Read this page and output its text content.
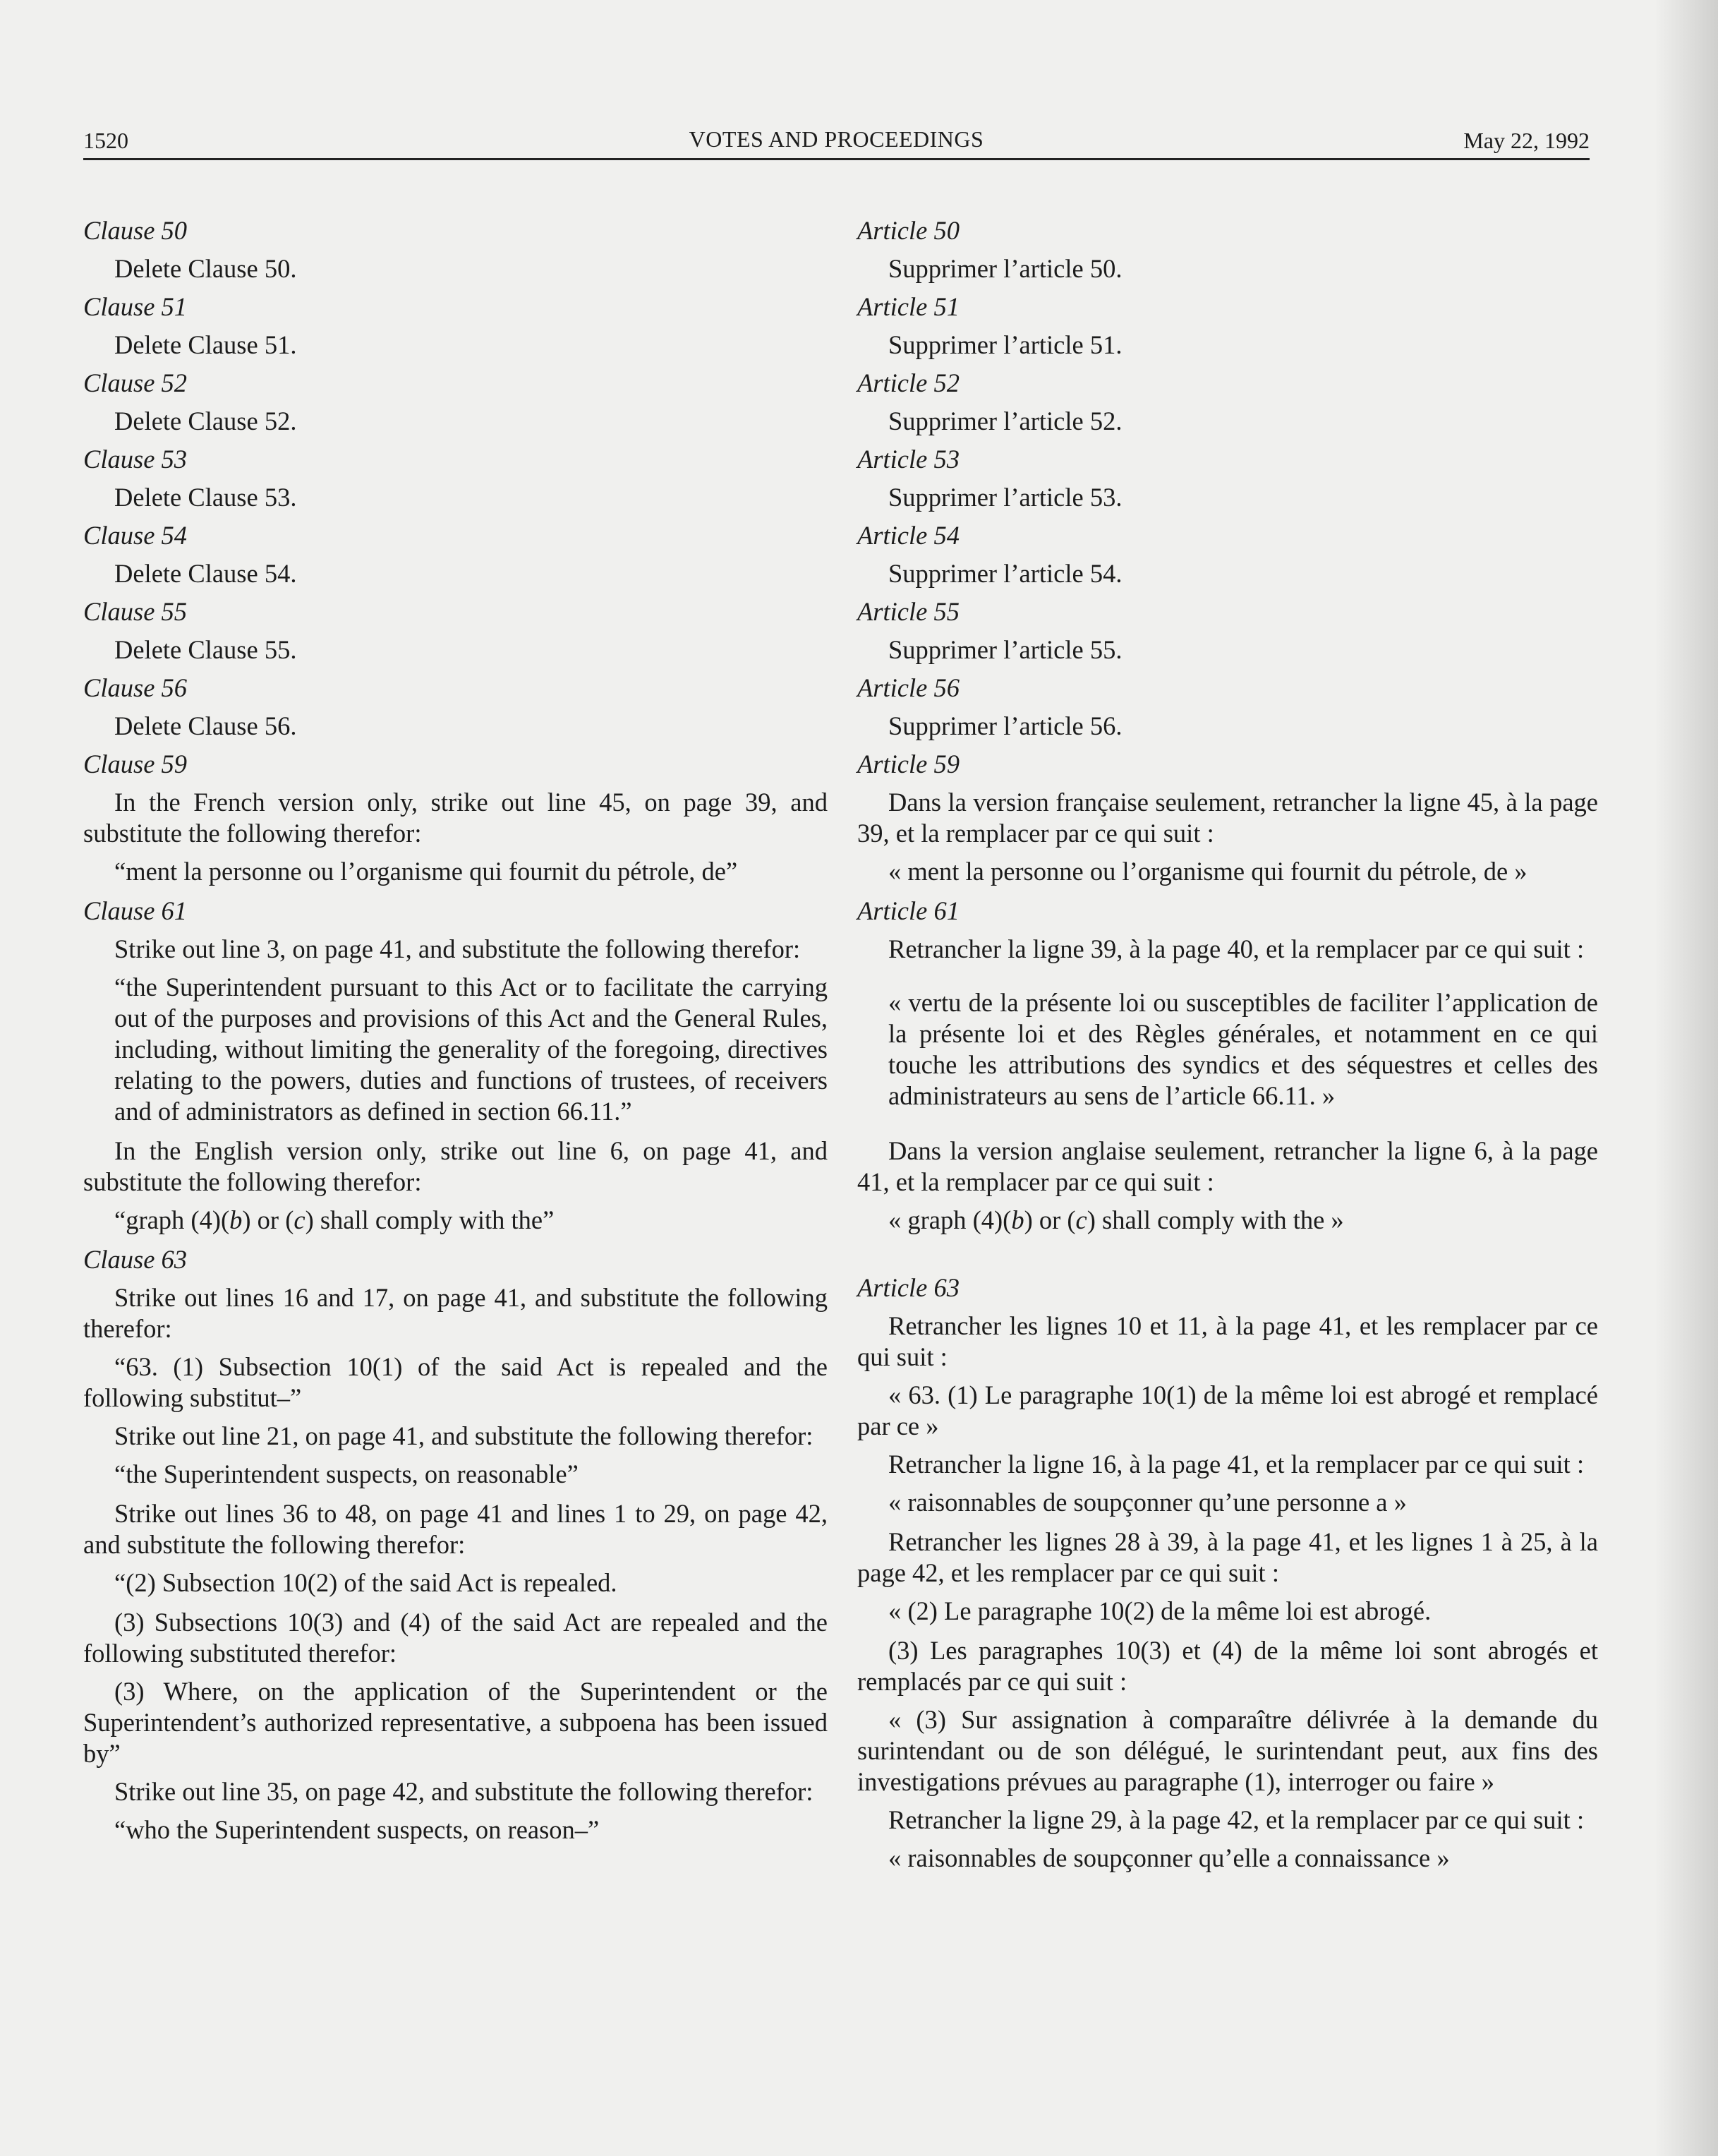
1520	VOTES AND PROCEEDINGS	May 22, 1992
Clause 50
Delete Clause 50.
Clause 51
Delete Clause 51.
Clause 52
Delete Clause 52.
Clause 53
Delete Clause 53.
Clause 54
Delete Clause 54.
Clause 55
Delete Clause 55.
Clause 56
Delete Clause 56.
Clause 59
In the French version only, strike out line 45, on page 39, and substitute the following therefor:
“ment la personne ou l’organisme qui fournit du pétrole, de”
Clause 61
Strike out line 3, on page 41, and substitute the following therefor:
“the Superintendent pursuant to this Act or to facilitate the carrying out of the purposes and provisions of this Act and the General Rules, including, without limiting the generality of the foregoing, directives relating to the powers, duties and functions of trustees, of receivers and of administrators as defined in section 66.11.”
In the English version only, strike out line 6, on page 41, and substitute the following therefor:
“graph (4)(b) or (c) shall comply with the”
Clause 63
Strike out lines 16 and 17, on page 41, and substitute the following therefor:
“63. (1) Subsection 10(1) of the said Act is repealed and the following substitut–”
Strike out line 21, on page 41, and substitute the following therefor:
“the Superintendent suspects, on reasonable”
Strike out lines 36 to 48, on page 41 and lines 1 to 29, on page 42, and substitute the following therefor:
“(2) Subsection 10(2) of the said Act is repealed.
(3) Subsections 10(3) and (4) of the said Act are repealed and the following substituted therefor:
(3) Where, on the application of the Superintendent or the Superintendent’s authorized representative, a subpoena has been issued by”
Strike out line 35, on page 42, and substitute the following therefor:
“who the Superintendent suspects, on reason–”
Article 50
Supprimer l’article 50.
Article 51
Supprimer l’article 51.
Article 52
Supprimer l’article 52.
Article 53
Supprimer l’article 53.
Article 54
Supprimer l’article 54.
Article 55
Supprimer l’article 55.
Article 56
Supprimer l’article 56.
Article 59
Dans la version française seulement, retrancher la ligne 45, à la page 39, et la remplacer par ce qui suit :
« ment la personne ou l’organisme qui fournit du pétrole, de »
Article 61
Retrancher la ligne 39, à la page 40, et la remplacer par ce qui suit :
« vertu de la présente loi ou susceptibles de faciliter l’application de la présente loi et des Règles générales, et notamment en ce qui touche les attributions des syndics et des séquestres et celles des administrateurs au sens de l’article 66.11. »
Dans la version anglaise seulement, retrancher la ligne 6, à la page 41, et la remplacer par ce qui suit :
« graph (4)(b) or (c) shall comply with the »
Article 63
Retrancher les lignes 10 et 11, à la page 41, et les remplacer par ce qui suit :
« 63. (1) Le paragraphe 10(1) de la même loi est abrogé et remplacé par ce »
Retrancher la ligne 16, à la page 41, et la remplacer par ce qui suit :
« raisonnables de soupçonner qu’une personne a »
Retrancher les lignes 28 à 39, à la page 41, et les lignes 1 à 25, à la page 42, et les remplacer par ce qui suit :
« (2) Le paragraphe 10(2) de la même loi est abrogé.
(3) Les paragraphes 10(3) et (4) de la même loi sont abrogés et remplacés par ce qui suit :
« (3) Sur assignation à comparaître délivrée à la demande du surintendant ou de son délégué, le surintendant peut, aux fins des investigations prévues au paragraphe (1), interroger ou faire »
Retrancher la ligne 29, à la page 42, et la remplacer par ce qui suit :
« raisonnables de soupçonner qu’elle a connaissance »
